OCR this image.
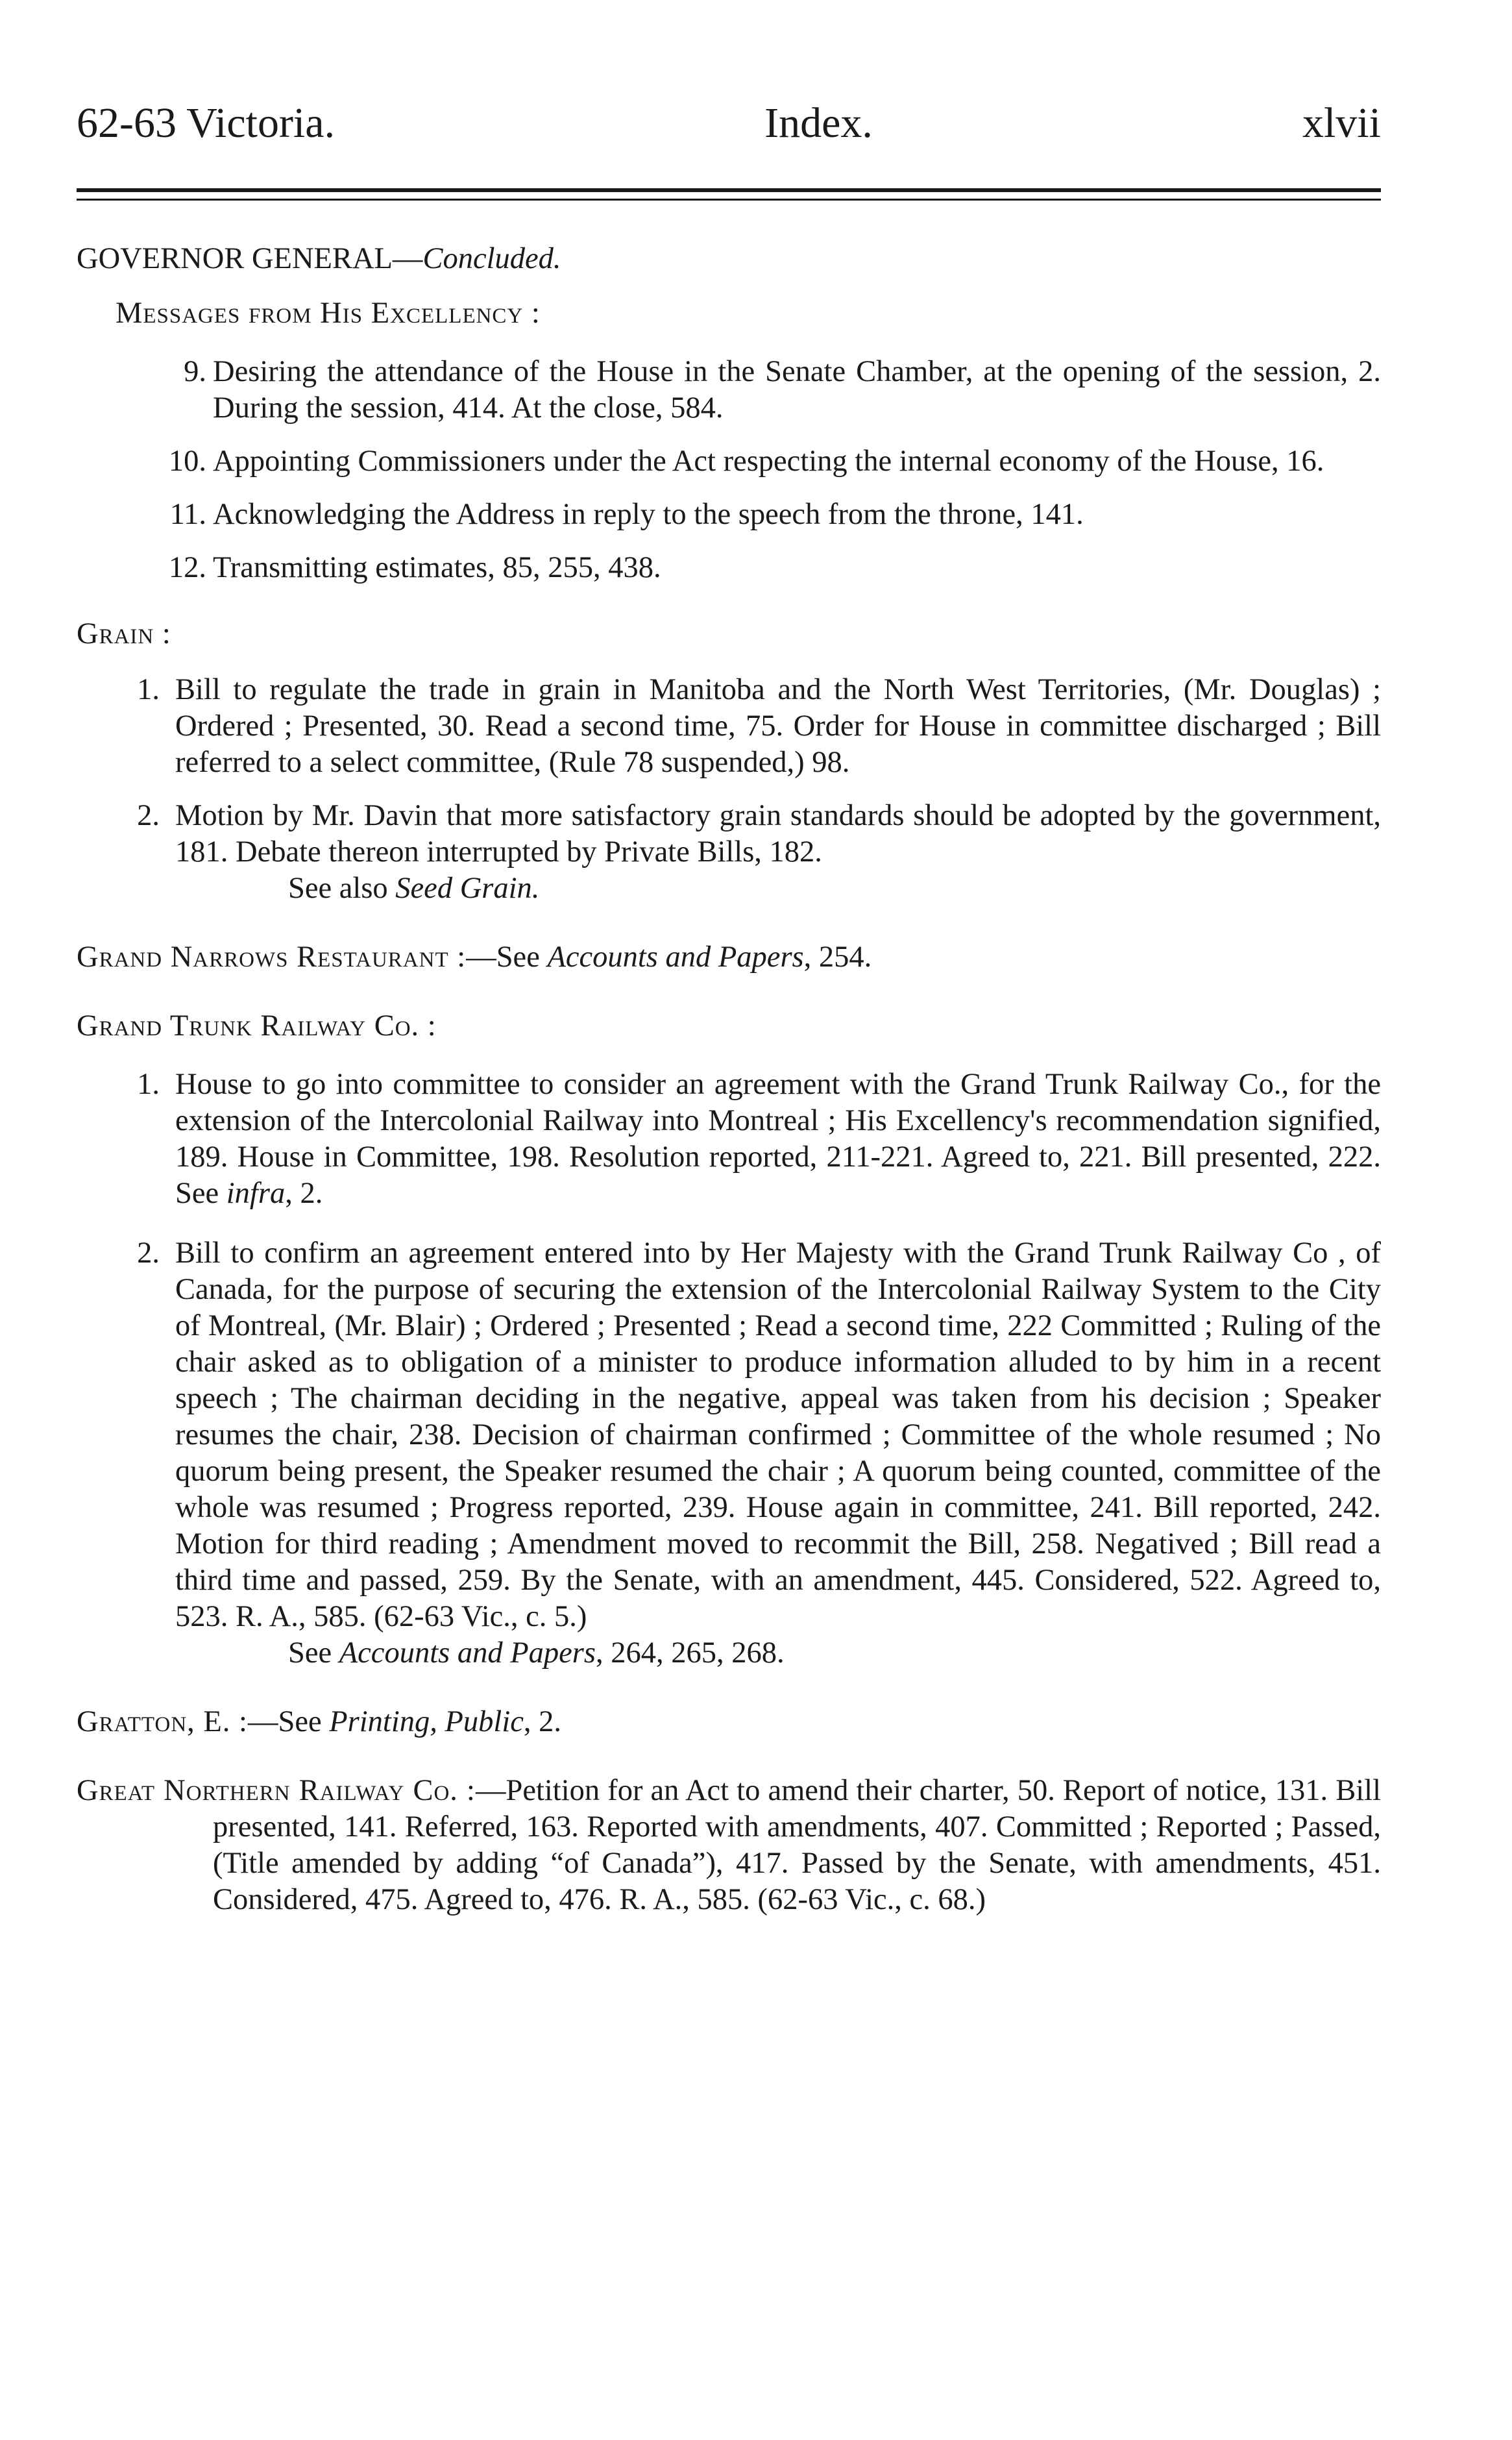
62-63 Victoria.	Index.	xlvii
GOVERNOR GENERAL—Concluded.
Messages from His Excellency :
9. Desiring the attendance of the House in the Senate Chamber, at the opening of the session, 2. During the session, 414. At the close, 584.
10. Appointing Commissioners under the Act respecting the internal economy of the House, 16.
11. Acknowledging the Address in reply to the speech from the throne, 141.
12. Transmitting estimates, 85, 255, 438.
Grain :
1. Bill to regulate the trade in grain in Manitoba and the North West Territories, (Mr. Douglas) ; Ordered ; Presented, 30. Read a second time, 75. Order for House in committee discharged ; Bill referred to a select committee, (Rule 78 suspended,) 98.
2. Motion by Mr. Davin that more satisfactory grain standards should be adopted by the government, 181. Debate thereon interrupted by Private Bills, 182.
See also Seed Grain.
Grand Narrows Restaurant :—See Accounts and Papers, 254.
Grand Trunk Railway Co. :
1. House to go into committee to consider an agreement with the Grand Trunk Railway Co., for the extension of the Intercolonial Railway into Montreal ; His Excellency's recommendation signified, 189. House in Committee, 198. Resolution reported, 211-221. Agreed to, 221. Bill presented, 222. See infra, 2.
2. Bill to confirm an agreement entered into by Her Majesty with the Grand Trunk Railway Co , of Canada, for the purpose of securing the extension of the Intercolonial Railway System to the City of Montreal, (Mr. Blair) ; Ordered ; Presented ; Read a second time, 222 Committed ; Ruling of the chair asked as to obligation of a minister to produce information alluded to by him in a recent speech ; The chairman deciding in the negative, appeal was taken from his decision ; Speaker resumes the chair, 238. Decision of chairman confirmed ; Committee of the whole resumed ; No quorum being present, the Speaker resumed the chair ; A quorum being counted, committee of the whole was resumed ; Progress reported, 239. House again in committee, 241. Bill reported, 242. Motion for third reading ; Amendment moved to recommit the Bill, 258. Negatived ; Bill read a third time and passed, 259. By the Senate, with an amendment, 445. Considered, 522. Agreed to, 523. R. A., 585. (62-63 Vic., c. 5.)
See Accounts and Papers, 264, 265, 268.
Gratton, E. :—See Printing, Public, 2.
Great Northern Railway Co. :—Petition for an Act to amend their charter, 50. Report of notice, 131. Bill presented, 141. Referred, 163. Reported with amendments, 407. Committed ; Reported ; Passed, (Title amended by adding “of Canada”), 417. Passed by the Senate, with amendments, 451. Considered, 475. Agreed to, 476. R. A., 585. (62-63 Vic., c. 68.)
